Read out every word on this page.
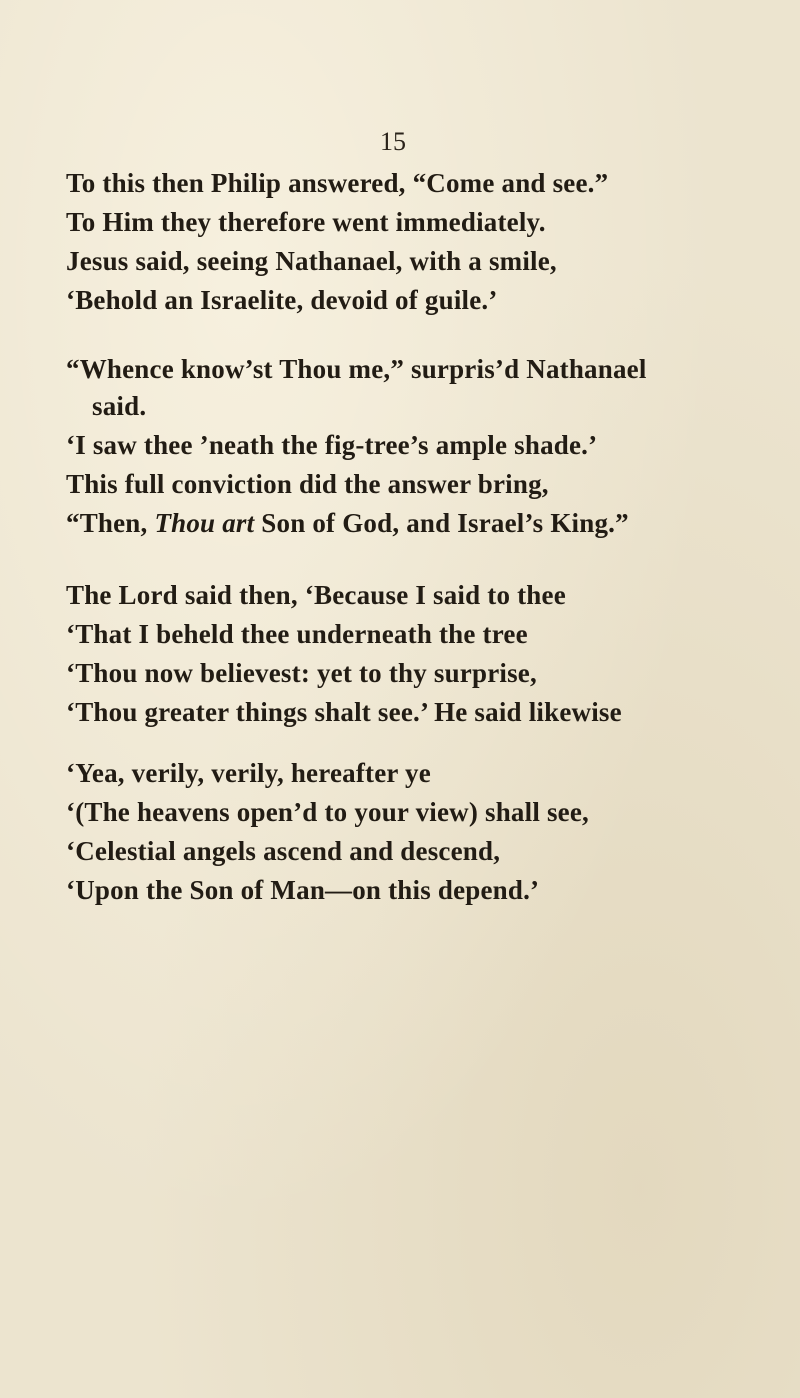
15
To this then Philip answered, “Come and see.”
To Him they therefore went immediately.
Jesus said, seeing Nathanael, with a smile,
‘Behold an Israelite, devoid of guile.’
“Whence know’st Thou me,” surpris’d Nathanael
said.
‘I saw thee ’neath the fig-tree’s ample shade.’
This full conviction did the answer bring,
“Then, Thou art Son of God, and Israel’s King.”
The Lord said then, ‘Because I said to thee
‘That I beheld thee underneath the tree
‘Thou now believest: yet to thy surprise,
‘Thou greater things shalt see.’ He said likewise
‘Yea, verily, verily, hereafter ye
‘(The heavens open’d to your view) shall see,
‘Celestial angels ascend and descend,
‘Upon the Son of Man—on this depend.’
